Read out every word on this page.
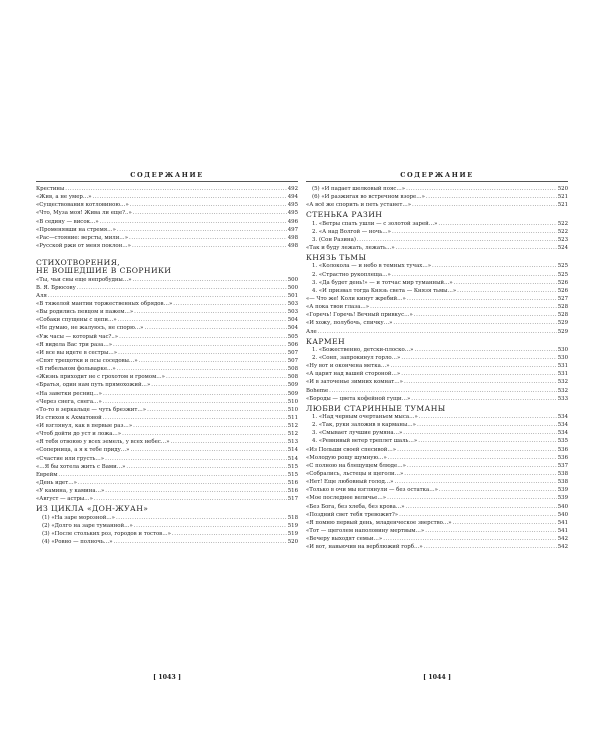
СОДЕРЖАНИЕ
Крестины .....	492
«Жив, а не умер…» .....	494
«Существования котловиною…» .....	495
«Что, Муза моя! Жива ли еще?..» .....	495
«В седину — висок…» .....	496
«Променявши на стремя…» .....	497
«Рас—стояние: версты, мили…» .....	498
«Русской ржи от меня поклон…» .....	498
СТИХОТВОРЕНИЯ,
НЕ ВОШЕДШИЕ В СБОРНИКИ
«Ты, чьи сны еще непробудны…» .....	500
В. Я. Брюсову .....	500
Аля .....	501
«В тяжелой мантии торжественных обрядов…» .....	503
«Вы родились певцом и пажем…» .....	503
«Собаки спущены с цепи…» .....	504
«Не думаю, не жалуюсь, не спорю…» .....	504
«Уж часы — который час?..» .....	505
«Я видела Вас три раза…» .....	506
«И все вы идете в сестры…» .....	507
«Спят трещотки и псы соседовы…» .....	507
«В гибельном фольварке…» .....	508
«Жизнь приходит не с грохотом и громом…» .....	508
«Братья, один нам путь прямохожий…» .....	509
«На заветки ресниц…» .....	509
«Через снега, снега…» .....	510
«То-то в зеркальце — чуть брезжит…» .....	510
Из стихов к Ахматовой .....	511
«И взглянул, как в первые раз…» .....	512
«Чтоб дойти до уст и ложа…» .....	512
«Я тебя отвоюю у всех земель, у всех небес…» .....	513
«Соперница, а я к тебе приду…» .....	514
«Счастие или грусть…» .....	514
«…Я бы хотела жить с Вами…» .....	515
Еврейм .....	515
«День идет…» .....	516
«У камина, у камина…» .....	516
«Август — астры…» .....	517
ИЗ ЦИКЛА «ДОН-ЖУАН»
(1) «На заре морозной…» .....	518
(2) «Долго на заре туманной…» .....	519
(3) «После стольких роз, городов и тостов…» .....	519
(4) «Ровно — полночь…» .....	520
[ 1043 ]
СОДЕРЖАНИЕ
(5) «И падает шелковый пояс…» .....	520
(6) «И разжигая во встречном взоре…» .....	521
«А всё же спорить и петь устанет…» .....	521
СТЕНЬКА РАЗИН
1. «Ветры спать ушли — с золотой зарей…» .....	522
2. «А над Волгой — ночь…» .....	522
3. (Сон Разина) .....	523
«Так и буду лежать, лежать…» .....	524
КНЯЗЬ ТЬМЫ
1. «Колокола — и небо в темных тучах…» .....	525
2. «Страстно рукоплеща…» .....	525
3. «Да будет день!» — и тотчас мир туманный…» .....	526
4. «И призвал тогда Князь света — Князя тьмы…» .....	526
«— Что же! Коли кинут жребий…» .....	527
«А пока твои глаза…» .....	528
«Горечь! Горечь! Вечный привкус…» .....	528
«И хожу, полубочь, спичку…» .....	529
Але .....	529
КАРМЕН
1. «Божественно, детски-плоско…» .....	530
2. «Сонп, запрокинул горло…» .....	530
«Ну вот и окончена метка…» .....	531
«А царит над вашей стороной…» .....	531
«И в заточенье зимних комнат…» .....	532
Boheme .....	532
«Бороды — цвета кофейной гущи…» .....	533
ЛЮБВИ СТАРИННЫЕ ТУМАНЫ
1. «Над черным очертаньем мыса…» .....	534
2. «Так, руки заложив в карманы…» .....	534
3. «Смывает лучшие румяна…» .....	534
4. «Ревнивый ветер треплет шаль…» .....	535
«Из Польши своей спесивой…» .....	536
«Молодую рощу шумную…» .....	536
«С полною на блещущем блюде…» .....	537
«Собрались, льстецы и щеголи…» .....	538
«Нет! Еще любовный голод…» .....	538
«Только в очи мы взглянули — без остатка…» .....	539
«Мое последнее величье…» .....	539
«Без Бога, без хлеба, без крова…» .....	540
«Поздний свет тебя тревожит?» .....	540
«Я помню первый день, младенческое зверство…» .....	541
«Тот — щеголем наполовину мертвым…» .....	541
«Вечеру выходят семьи…» .....	542
«И вот, навьючив на верблюжий горб…» .....	542
[ 1044 ]
